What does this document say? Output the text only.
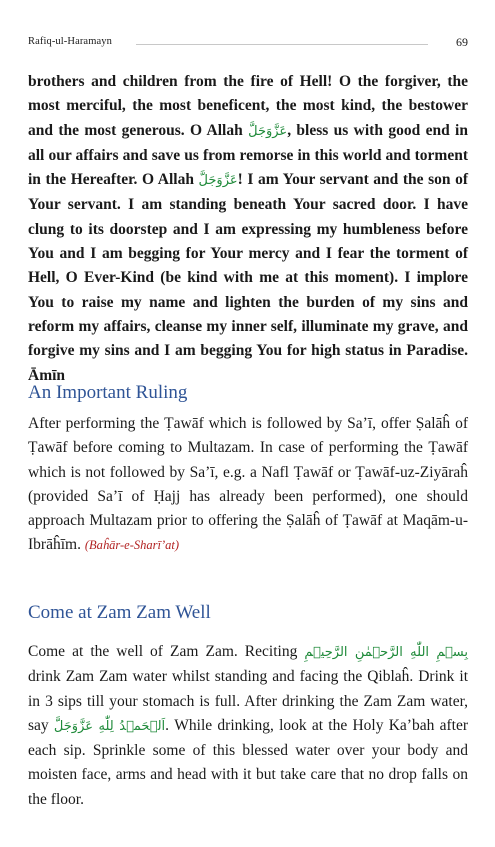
Rafiq-ul-Haramayn	69

brothers and children from the fire of Hell! O the forgiver, the most merciful, the most beneficent, the most kind, the bestower and the most generous. O Allah عَزَّوَجَلَّ, bless us with good end in all our affairs and save us from remorse in this world and torment in the Hereafter. O Allah عَزَّوَجَلَّ! I am Your servant and the son of Your servant. I am standing beneath Your sacred door. I have clung to its doorstep and I am expressing my humbleness before You and I am begging for Your mercy and I fear the torment of Hell, O Ever-Kind (be kind with me at this moment). I implore You to raise my name and lighten the burden of my sins and reform my affairs, cleanse my inner self, illuminate my grave, and forgive my sins and I am begging You for high status in Paradise. Āmīn

An Important Ruling

After performing the Ṭawāf which is followed by Sa’ī, offer Ṣalāĥ of Ṭawāf before coming to Multazam. In case of performing the Ṭawāf which is not followed by Sa’ī, e.g. a Nafl Ṭawāf or Ṭawāf-uz-Ziyāraĥ (provided Sa’ī of Ḥajj has already been performed), one should approach Multazam prior to offering the Ṣalāĥ of Ṭawāf at Maqām-u-Ibrāĥīm. (Baĥār-e-Sharī’at)

Come at Zam Zam Well

Come at the well of Zam Zam. Reciting بِسۡمِ اللّٰهِ الرَّحۡمٰنِ الرَّحِيۡمِ drink Zam Zam water whilst standing and facing the Qiblaĥ. Drink it in 3 sips till your stomach is full. After drinking the Zam Zam water, say اَلۡحَمۡدُ لِلّٰهِ عَزَّوَجَلَّ. While drinking, look at the Holy Ka’bah after each sip. Sprinkle some of this blessed water over your body and moisten face, arms and head with it but take care that no drop falls on the floor.
